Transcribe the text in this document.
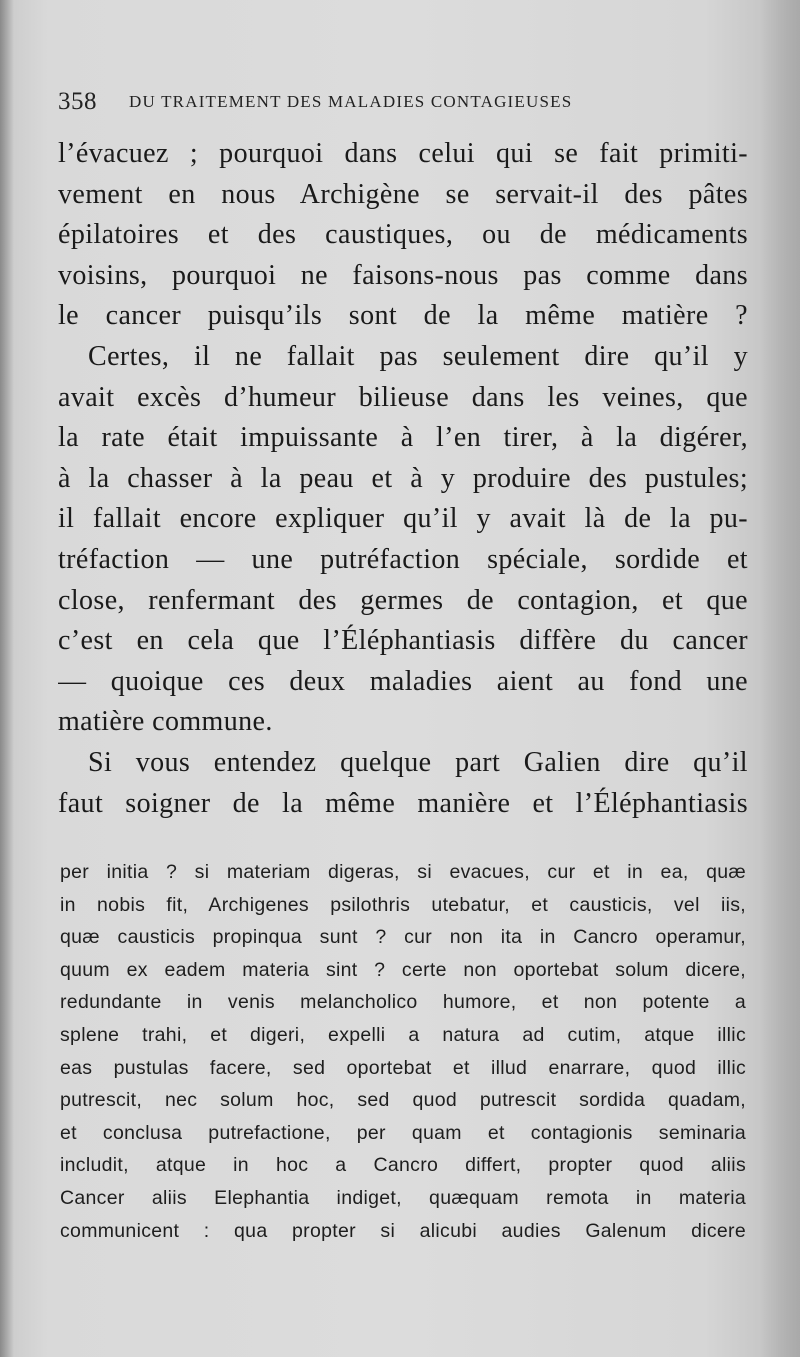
358 DU TRAITEMENT DES MALADIES CONTAGIEUSES
l’évacuez ; pourquoi dans celui qui se fait primiti-
vement en nous Archigène se servait-il des pâtes
épilatoires et des caustiques, ou de médicaments
voisins, pourquoi ne faisons-nous pas comme dans
le cancer puisqu’ils sont de la même matière ?
Certes, il ne fallait pas seulement dire qu’il y
avait excès d’humeur bilieuse dans les veines, que
la rate était impuissante à l’en tirer, à la digérer,
à la chasser à la peau et à y produire des pustules;
il fallait encore expliquer qu’il y avait là de la pu-
tréfaction — une putréfaction spéciale, sordide et
close, renfermant des germes de contagion, et que
c’est en cela que l’Éléphantiasis diffère du cancer
— quoique ces deux maladies aient au fond une
matière commune.
Si vous entendez quelque part Galien dire qu’il
faut soigner de la même manière et l’Éléphantiasis
per initia ? si materiam digeras, si evacues, cur et in ea, quæ
in nobis fit, Archigenes psilothris utebatur, et causticis, vel iis,
quæ causticis propinqua sunt ? cur non ita in Cancro operamur,
quum ex eadem materia sint ? certe non oportebat solum dicere,
redundante in venis melancholico humore, et non potente a
splene trahi, et digeri, expelli a natura ad cutim, atque illic
eas pustulas facere, sed oportebat et illud enarrare, quod illic
putrescit, nec solum hoc, sed quod putrescit sordida quadam,
et conclusa putrefactione, per quam et contagionis seminaria
includit, atque in hoc a Cancro differt, propter quod aliis
Cancer aliis Elephantia indiget, quæquam remota in materia
communicent : qua propter si alicubi audies Galenum dicere
